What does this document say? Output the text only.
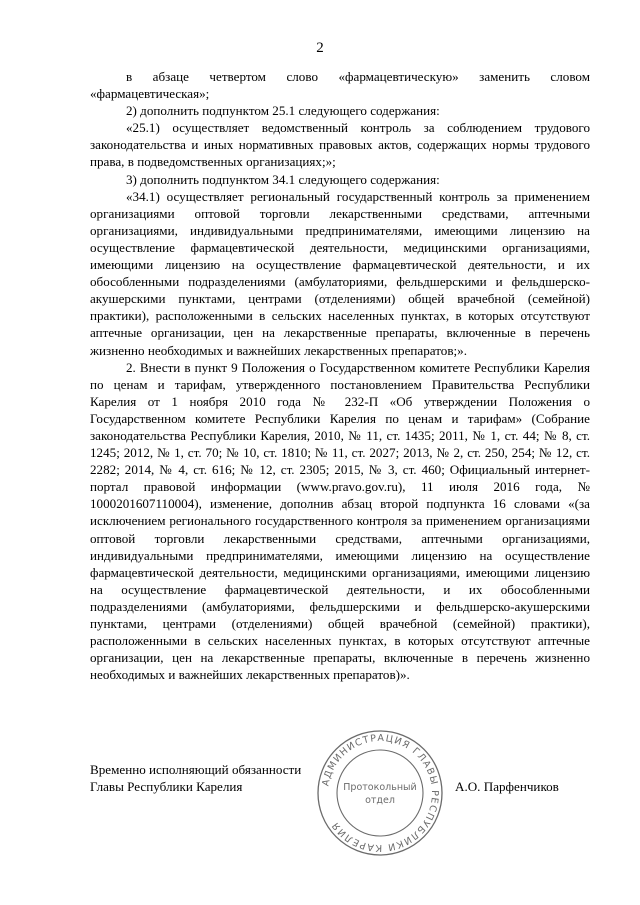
2

в абзаце четвертом слово «фармацевтическую» заменить словом «фармацевтическая»;

2) дополнить подпунктом 25.1 следующего содержания:

«25.1) осуществляет ведомственный контроль за соблюдением трудового законодательства и иных нормативных правовых актов, содержащих нормы трудового права, в подведомственных организациях;»;

3) дополнить подпунктом 34.1 следующего содержания:

«34.1) осуществляет региональный государственный контроль за применением организациями оптовой торговли лекарственными средствами, аптечными организациями, индивидуальными предпринимателями, имеющими лицензию на осуществление фармацевтической деятельности, медицинскими организациями, имеющими лицензию на осуществление фармацевтической деятельности, и их обособленными подразделениями (амбулаториями, фельдшерскими и фельдшерско-акушерскими пунктами, центрами (отделениями) общей врачебной (семейной) практики), расположенными в сельских населенных пунктах, в которых отсутствуют аптечные организации, цен на лекарственные препараты, включенные в перечень жизненно необходимых и важнейших лекарственных препаратов;».

2. Внести в пункт 9 Положения о Государственном комитете Республики Карелия по ценам и тарифам, утвержденного постановлением Правительства Республики Карелия от 1 ноября 2010 года № 232-П «Об утверждении Положения о Государственном комитете Республики Карелия по ценам и тарифам» (Собрание законодательства Республики Карелия, 2010, № 11, ст. 1435; 2011, № 1, ст. 44; № 8, ст. 1245; 2012, № 1, ст. 70; № 10, ст. 1810; № 11, ст. 2027; 2013, № 2, ст. 250, 254; № 12, ст. 2282; 2014, № 4, ст. 616; № 12, ст. 2305; 2015, № 3, ст. 460; Официальный интернет-портал правовой информации (www.pravo.gov.ru), 11 июля 2016 года, № 1000201607110004), изменение, дополнив абзац второй подпункта 16 словами «(за исключением регионального государственного контроля за применением организациями оптовой торговли лекарственными средствами, аптечными организациями, индивидуальными предпринимателями, имеющими лицензию на осуществление фармацевтической деятельности, медицинскими организациями, имеющими лицензию на осуществление фармацевтической деятельности, и их обособленными подразделениями (амбулаториями, фельдшерскими и фельдшерско-акушерскими пунктами, центрами (отделениями) общей врачебной (семейной) практики), расположенными в сельских населенных пунктах, в которых отсутствуют аптечные организации, цен на лекарственные препараты, включенные в перечень жизненно необходимых и важнейших лекарственных препаратов)».

Временно исполняющий обязанности
Главы Республики Карелия	А.О. Парфенчиков
АДМИНИСТРАЦИЯ ГЛАВЫ РЕСПУБЛИКИ КАРЕЛИЯ
Протокольный
отдел
